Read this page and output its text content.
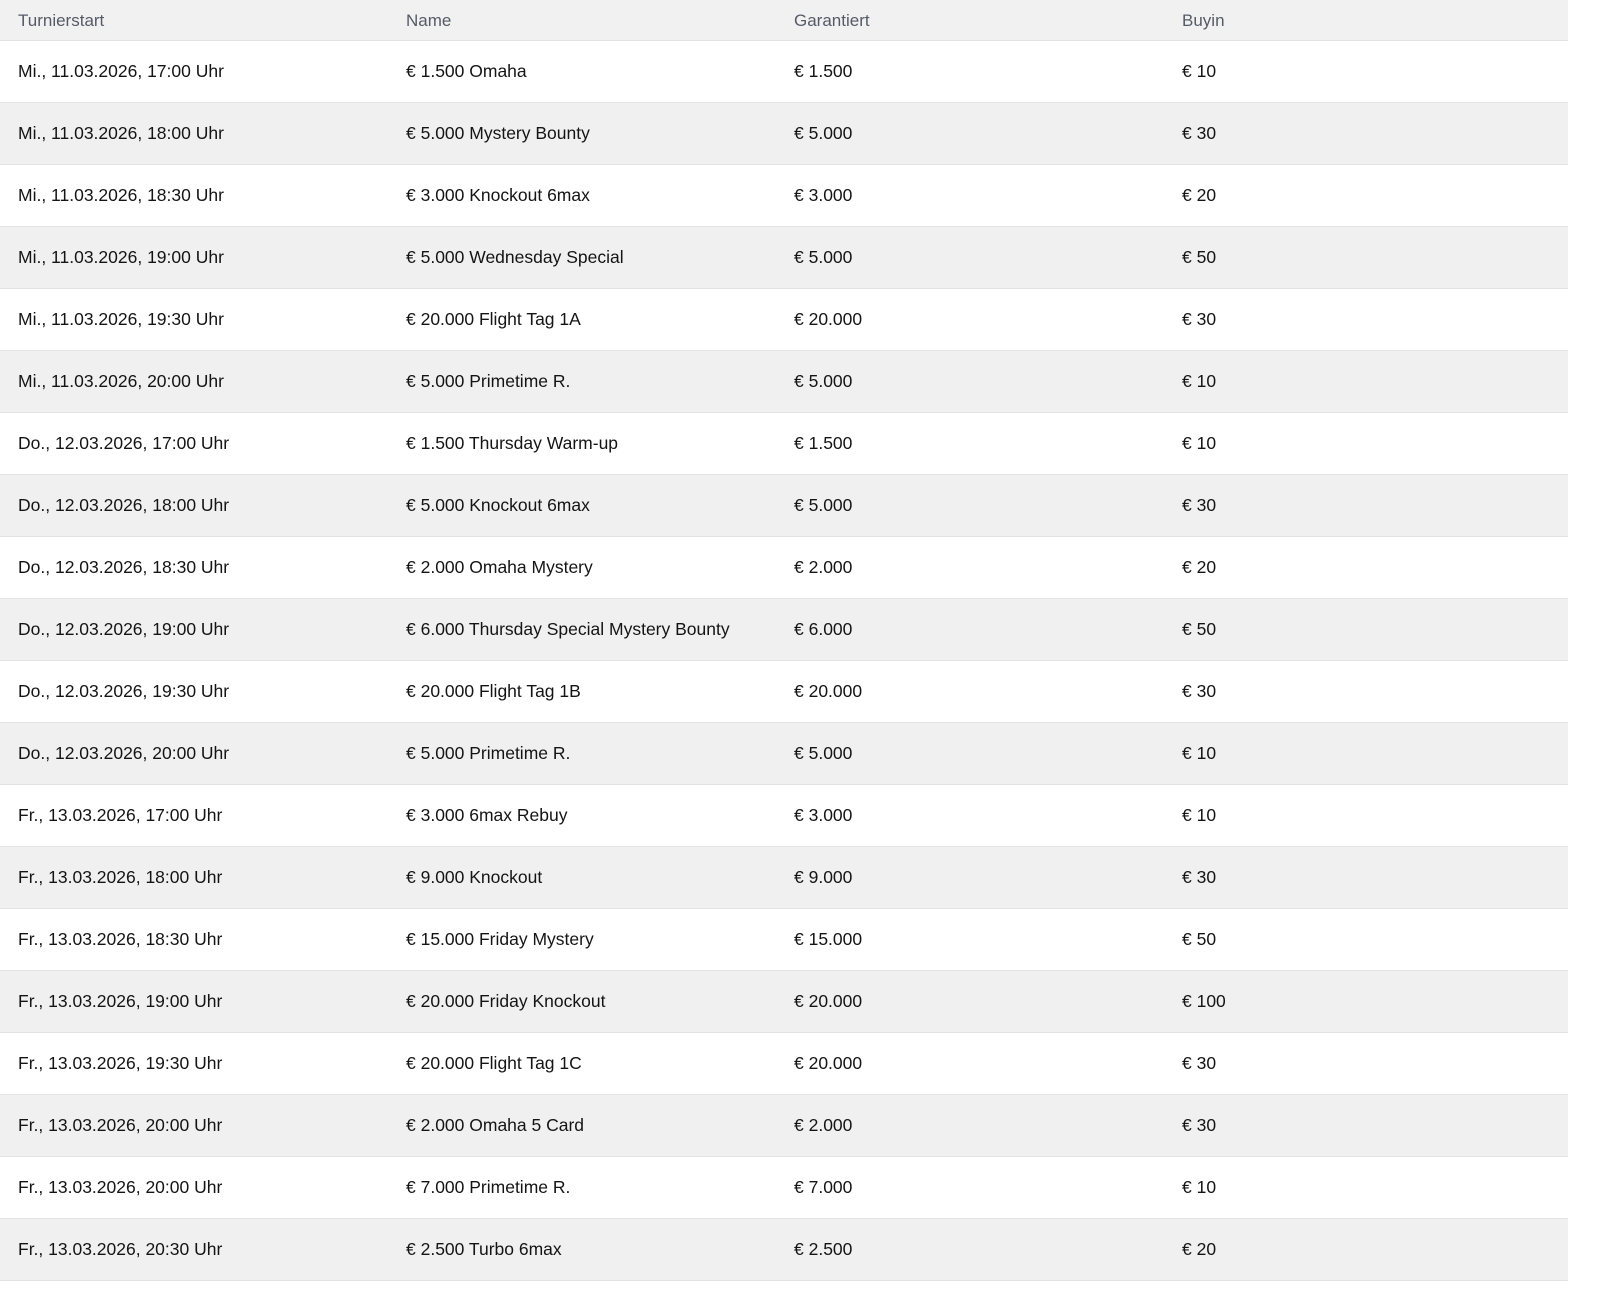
Turnierstart	Name	Garantiert	Buyin
Mi., 11.03.2026, 17:00 Uhr	€ 1.500 Omaha	€ 1.500	€ 10
Mi., 11.03.2026, 18:00 Uhr	€ 5.000 Mystery Bounty	€ 5.000	€ 30
Mi., 11.03.2026, 18:30 Uhr	€ 3.000 Knockout 6max	€ 3.000	€ 20
Mi., 11.03.2026, 19:00 Uhr	€ 5.000 Wednesday Special	€ 5.000	€ 50
Mi., 11.03.2026, 19:30 Uhr	€ 20.000 Flight Tag 1A	€ 20.000	€ 30
Mi., 11.03.2026, 20:00 Uhr	€ 5.000 Primetime R.	€ 5.000	€ 10
Do., 12.03.2026, 17:00 Uhr	€ 1.500 Thursday Warm-up	€ 1.500	€ 10
Do., 12.03.2026, 18:00 Uhr	€ 5.000 Knockout 6max	€ 5.000	€ 30
Do., 12.03.2026, 18:30 Uhr	€ 2.000 Omaha Mystery	€ 2.000	€ 20
Do., 12.03.2026, 19:00 Uhr	€ 6.000 Thursday Special Mystery Bounty	€ 6.000	€ 50
Do., 12.03.2026, 19:30 Uhr	€ 20.000 Flight Tag 1B	€ 20.000	€ 30
Do., 12.03.2026, 20:00 Uhr	€ 5.000 Primetime R.	€ 5.000	€ 10
Fr., 13.03.2026, 17:00 Uhr	€ 3.000 6max Rebuy	€ 3.000	€ 10
Fr., 13.03.2026, 18:00 Uhr	€ 9.000 Knockout	€ 9.000	€ 30
Fr., 13.03.2026, 18:30 Uhr	€ 15.000 Friday Mystery	€ 15.000	€ 50
Fr., 13.03.2026, 19:00 Uhr	€ 20.000 Friday Knockout	€ 20.000	€ 100
Fr., 13.03.2026, 19:30 Uhr	€ 20.000 Flight Tag 1C	€ 20.000	€ 30
Fr., 13.03.2026, 20:00 Uhr	€ 2.000 Omaha 5 Card	€ 2.000	€ 30
Fr., 13.03.2026, 20:00 Uhr	€ 7.000 Primetime R.	€ 7.000	€ 10
Fr., 13.03.2026, 20:30 Uhr	€ 2.500 Turbo 6max	€ 2.500	€ 20
